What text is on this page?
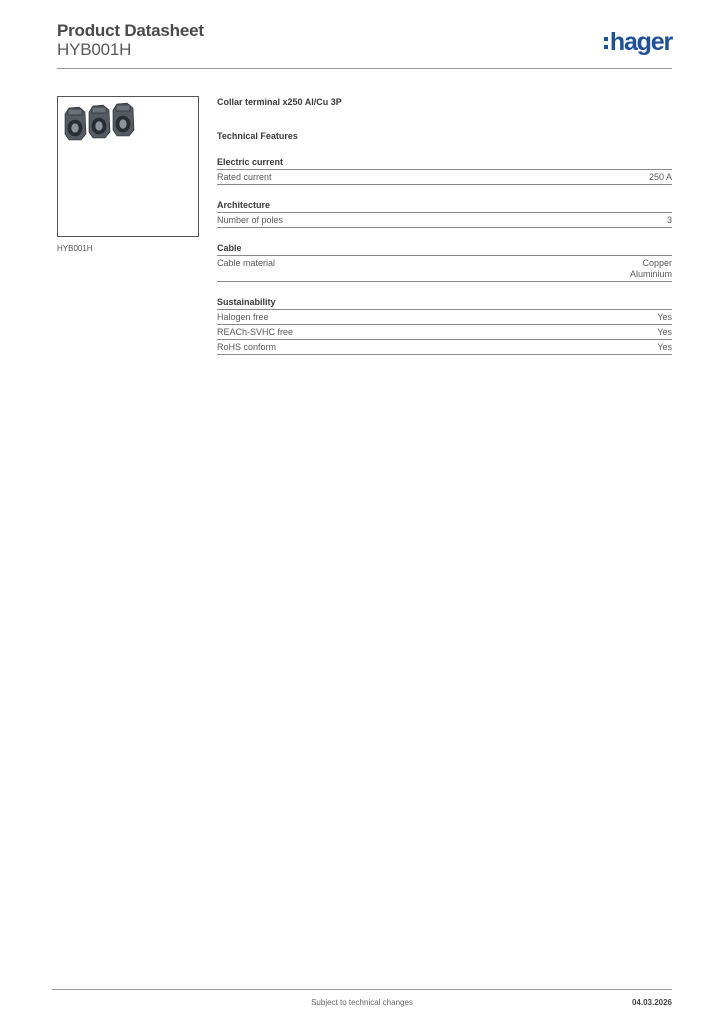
Product Datasheet
HYB001H	hager
HYB001H
Collar terminal x250 Al/Cu 3P
Technical Features
Electric current
Rated current	250 A
Architecture
Number of poles	3
Cable
Cable material	Copper
Aluminium
Sustainability
Halogen free	Yes
REACh-SVHC free	Yes
RoHS conform	Yes
Subject to technical changes	04.03.2026
